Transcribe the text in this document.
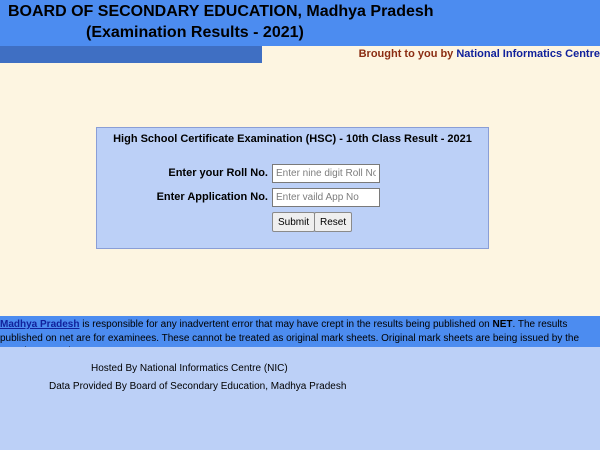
BOARD OF SECONDARY EDUCATION, Madhya Pradesh
(Examination Results - 2021)
Brought to you by National Informatics Centre
High School Certificate Examination (HSC) - 10th Class Result - 2021
Enter your Roll No.
Enter nine digit Roll No
Enter Application No.
Enter vaild App No
Submit	Reset
Madhya Pradesh is responsible for any inadvertent error that may have crept in the results being published on NET. The results published on net are for examinees. These cannot be treated as original mark sheets. Original mark sheets are being issued by the
Hosted By National Informatics Centre (NIC)
Data Provided By Board of Secondary Education, Madhya Pradesh
